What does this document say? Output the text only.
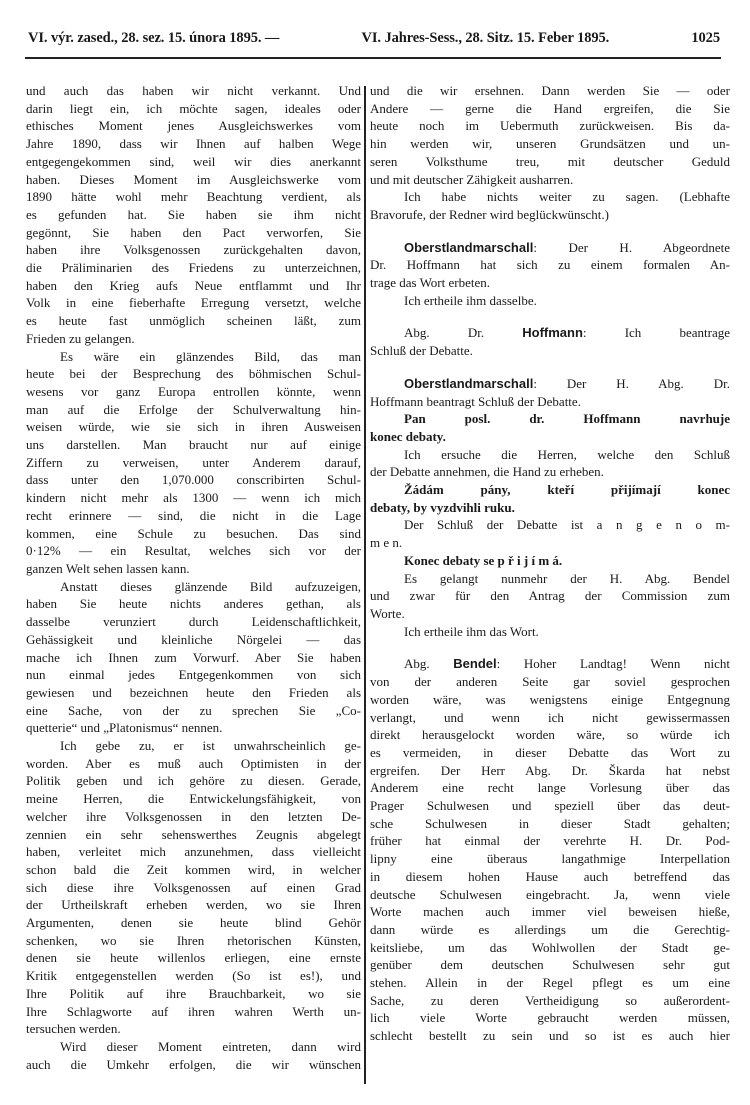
VI. výr. zased., 28. sez. 15. února 1895. —	VI. Jahres-Sess., 28. Sitz. 15. Feber 1895.	1025
und auch das haben wir nicht verkannt. Und
darin liegt ein, ich möchte sagen, ideales oder
ethisches Moment jenes Ausgleichswerkes vom
Jahre 1890, dass wir Ihnen auf halben Wege
entgegengekommen sind, weil wir dies anerkannt
haben. Dieses Moment im Ausgleichswerke vom
1890 hätte wohl mehr Beachtung verdient, als
es gefunden hat. Sie haben sie ihm nicht
gegönnt, Sie haben den Pact verworfen, Sie
haben ihre Volksgenossen zurückgehalten davon,
die Präliminarien des Friedens zu unterzeichnen,
haben den Krieg aufs Neue entflammt und Ihr
Volk in eine fieberhafte Erregung versetzt, welche
es heute fast unmöglich scheinen läßt, zum
Frieden zu gelangen.
Es wäre ein glänzendes Bild, das man
heute bei der Besprechung des böhmischen Schul-
wesens vor ganz Europa entrollen könnte, wenn
man auf die Erfolge der Schulverwaltung hin-
weisen würde, wie sie sich in ihren Ausweisen
uns darstellen. Man braucht nur auf einige
Ziffern zu verweisen, unter Anderem darauf,
dass unter den 1,070.000 conscribirten Schul-
kindern nicht mehr als 1300 — wenn ich mich
recht erinnere — sind, die nicht in die Lage
kommen, eine Schule zu besuchen. Das sind
0·12% — ein Resultat, welches sich vor der
ganzen Welt sehen lassen kann.
Anstatt dieses glänzende Bild aufzuzeigen,
haben Sie heute nichts anderes gethan, als
dasselbe verunziert durch Leidenschaftlichkeit,
Gehässigkeit und kleinliche Nörgelei — das
mache ich Ihnen zum Vorwurf. Aber Sie haben
nun einmal jedes Entgegenkommen von sich
gewiesen und bezeichnen heute den Frieden als
eine Sache, von der zu sprechen Sie „Co-
quetterie“ und „Platonismus“ nennen.
Ich gebe zu, er ist unwahrscheinlich ge-
worden. Aber es muß auch Optimisten in der
Politik geben und ich gehöre zu diesen. Gerade,
meine Herren, die Entwickelungsfähigkeit, von
welcher ihre Volksgenossen in den letzten De-
zennien ein sehr sehenswerthes Zeugnis abgelegt
haben, verleitet mich anzunehmen, dass vielleicht
schon bald die Zeit kommen wird, in welcher
sich diese ihre Volksgenossen auf einen Grad
der Urtheilskraft erheben werden, wo sie Ihren
Argumenten, denen sie heute blind Gehör
schenken, wo sie Ihren rhetorischen Künsten,
denen sie heute willenlos erliegen, eine ernste
Kritik entgegenstellen werden (So ist es!), und
Ihre Politik auf ihre Brauchbarkeit, wo sie
Ihre Schlagworte auf ihren wahren Werth un-
tersuchen werden.
Wird dieser Moment eintreten, dann wird
auch die Umkehr erfolgen, die wir wünschen
und die wir ersehnen. Dann werden Sie — oder
Andere — gerne die Hand ergreifen, die Sie
heute noch im Uebermuth zurückweisen. Bis da-
hin werden wir, unseren Grundsätzen und un-
seren Volksthume treu, mit deutscher Geduld
und mit deutscher Zähigkeit ausharren.
Ich habe nichts weiter zu sagen. (Lebhafte
Bravorufe, der Redner wird beglückwünscht.)
Oberstlandmarschall: Der H. Abgeordnete
Dr. Hoffmann hat sich zu einem formalen An-
trage das Wort erbeten.
Ich ertheile ihm dasselbe.
Abg. Dr. Hoffmann: Ich beantrage
Schluß der Debatte.
Oberstlandmarschall: Der H. Abg. Dr.
Hoffmann beantragt Schluß der Debatte.
Pan posl. dr. Hoffmann navrhuje
konec debaty.
Ich ersuche die Herren, welche den Schluß
der Debatte annehmen, die Hand zu erheben.
Žádám pány, kteří přijímají konec
debaty, by vyzdvihli ruku.
Der Schluß der Debatte ist a n g e n o m-
m e n.
Konec debaty se p ř i j í m á.
Es gelangt nunmehr der H. Abg. Bendel
und zwar für den Antrag der Commission zum
Worte.
Ich ertheile ihm das Wort.
Abg. Bendel: Hoher Landtag! Wenn nicht
von der anderen Seite gar soviel gesprochen
worden wäre, was wenigstens einige Entgegnung
verlangt, und wenn ich nicht gewissermassen
direkt herausgelockt worden wäre, so würde ich
es vermeiden, in dieser Debatte das Wort zu
ergreifen. Der Herr Abg. Dr. Škarda hat nebst
Anderem eine recht lange Vorlesung über das
Prager Schulwesen und speziell über das deut-
sche Schulwesen in dieser Stadt gehalten;
früher hat einmal der verehrte H. Dr. Pod-
lipny eine überaus langathmige Interpellation
in diesem hohen Hause auch betreffend das
deutsche Schulwesen eingebracht. Ja, wenn viele
Worte machen auch immer viel beweisen hieße,
dann würde es allerdings um die Gerechtig-
keitsliebe, um das Wohlwollen der Stadt ge-
genüber dem deutschen Schulwesen sehr gut
stehen. Allein in der Regel pflegt es um eine
Sache, zu deren Vertheidigung so außerordent-
lich viele Worte gebraucht werden müssen,
schlecht bestellt zu sein und so ist es auch hier
